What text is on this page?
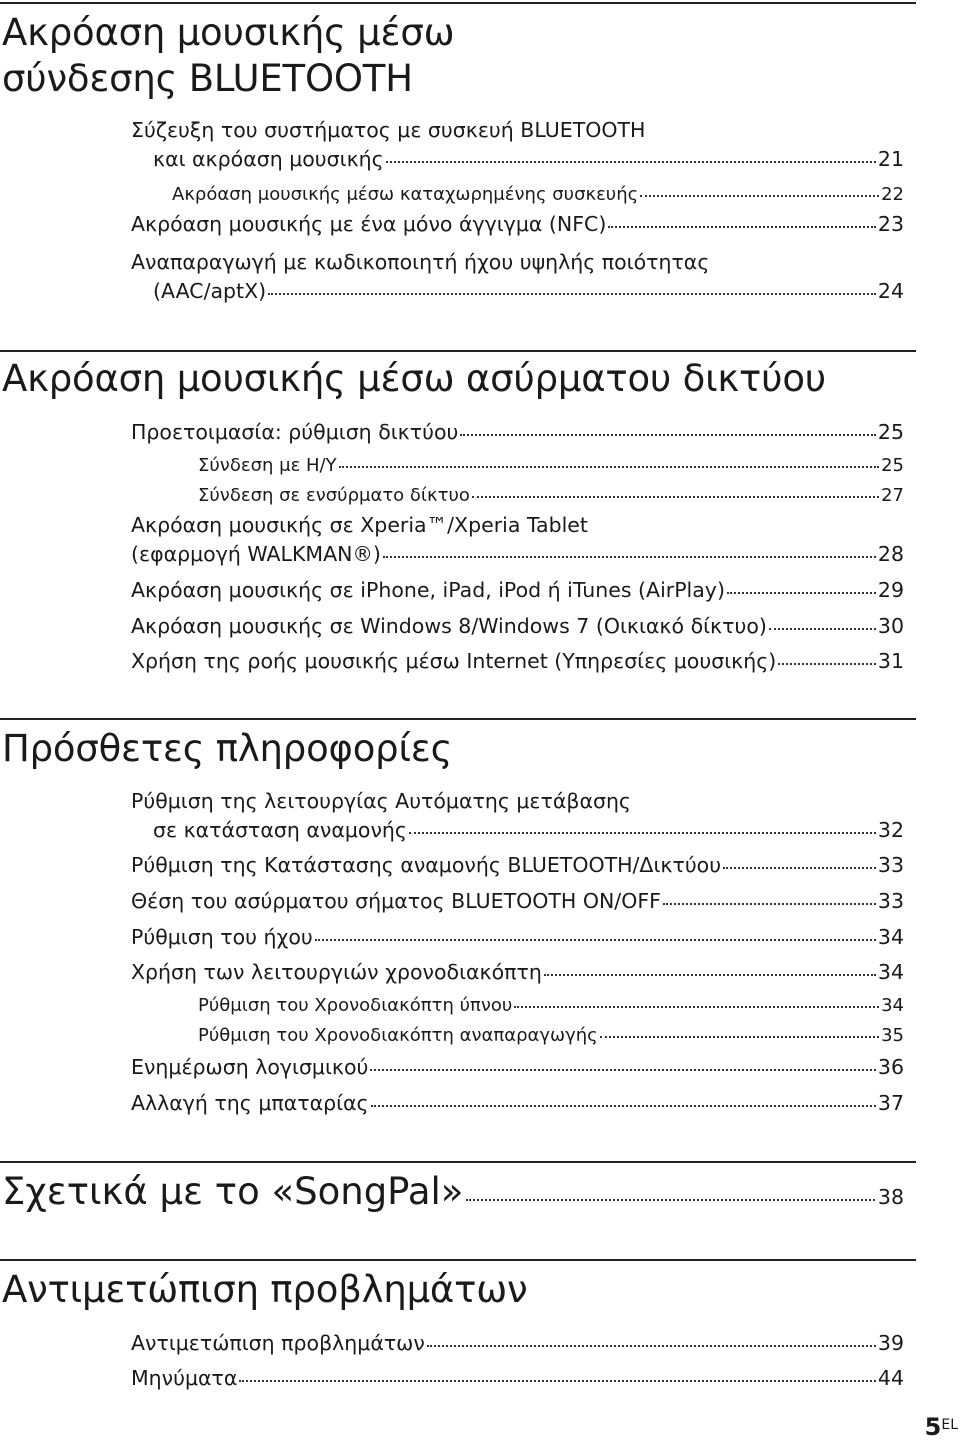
Ακρόαση μουσικής μέσω
σύνδεσης BLUETOOTH
Σύζευξη του συστήματος με συσκευή BLUETOOTH
και ακρόαση μουσικής	21
Ακρόαση μουσικής μέσω καταχωρημένης συσκευής	22
Ακρόαση μουσικής με ένα μόνο άγγιγμα (NFC)	23
Αναπαραγωγή με κωδικοποιητή ήχου υψηλής ποιότητας
(AAC/aptX)	24
Ακρόαση μουσικής μέσω ασύρματου δικτύου
Προετοιμασία: ρύθμιση δικτύου	25
Σύνδεση με Η/Υ	25
Σύνδεση σε ενσύρματο δίκτυο	27
Ακρόαση μουσικής σε Xperia™/Xperia Tablet
(εφαρμογή WALKMAN®)	28
Ακρόαση μουσικής σε iPhone, iPad, iPod ή iTunes (AirPlay)	29
Ακρόαση μουσικής σε Windows 8/Windows 7 (Οικιακό δίκτυο)	30
Χρήση της ροής μουσικής μέσω Internet (Υπηρεσίες μουσικής)	31
Πρόσθετες πληροφορίες
Ρύθμιση της λειτουργίας Αυτόματης μετάβασης
σε κατάσταση αναμονής	32
Ρύθμιση της Κατάστασης αναμονής BLUETOOTH/Δικτύου	33
Θέση του ασύρματου σήματος BLUETOOTH ON/OFF	33
Ρύθμιση του ήχου	34
Χρήση των λειτουργιών χρονοδιακόπτη	34
Ρύθμιση του Χρονοδιακόπτη ύπνου	34
Ρύθμιση του Χρονοδιακόπτη αναπαραγωγής	35
Ενημέρωση λογισμικού	36
Αλλαγή της μπαταρίας	37
Σχετικά με το «SongPal»	38
Αντιμετώπιση προβλημάτων
Αντιμετώπιση προβλημάτων	39
Μηνύματα	44
$5^{EL}$
